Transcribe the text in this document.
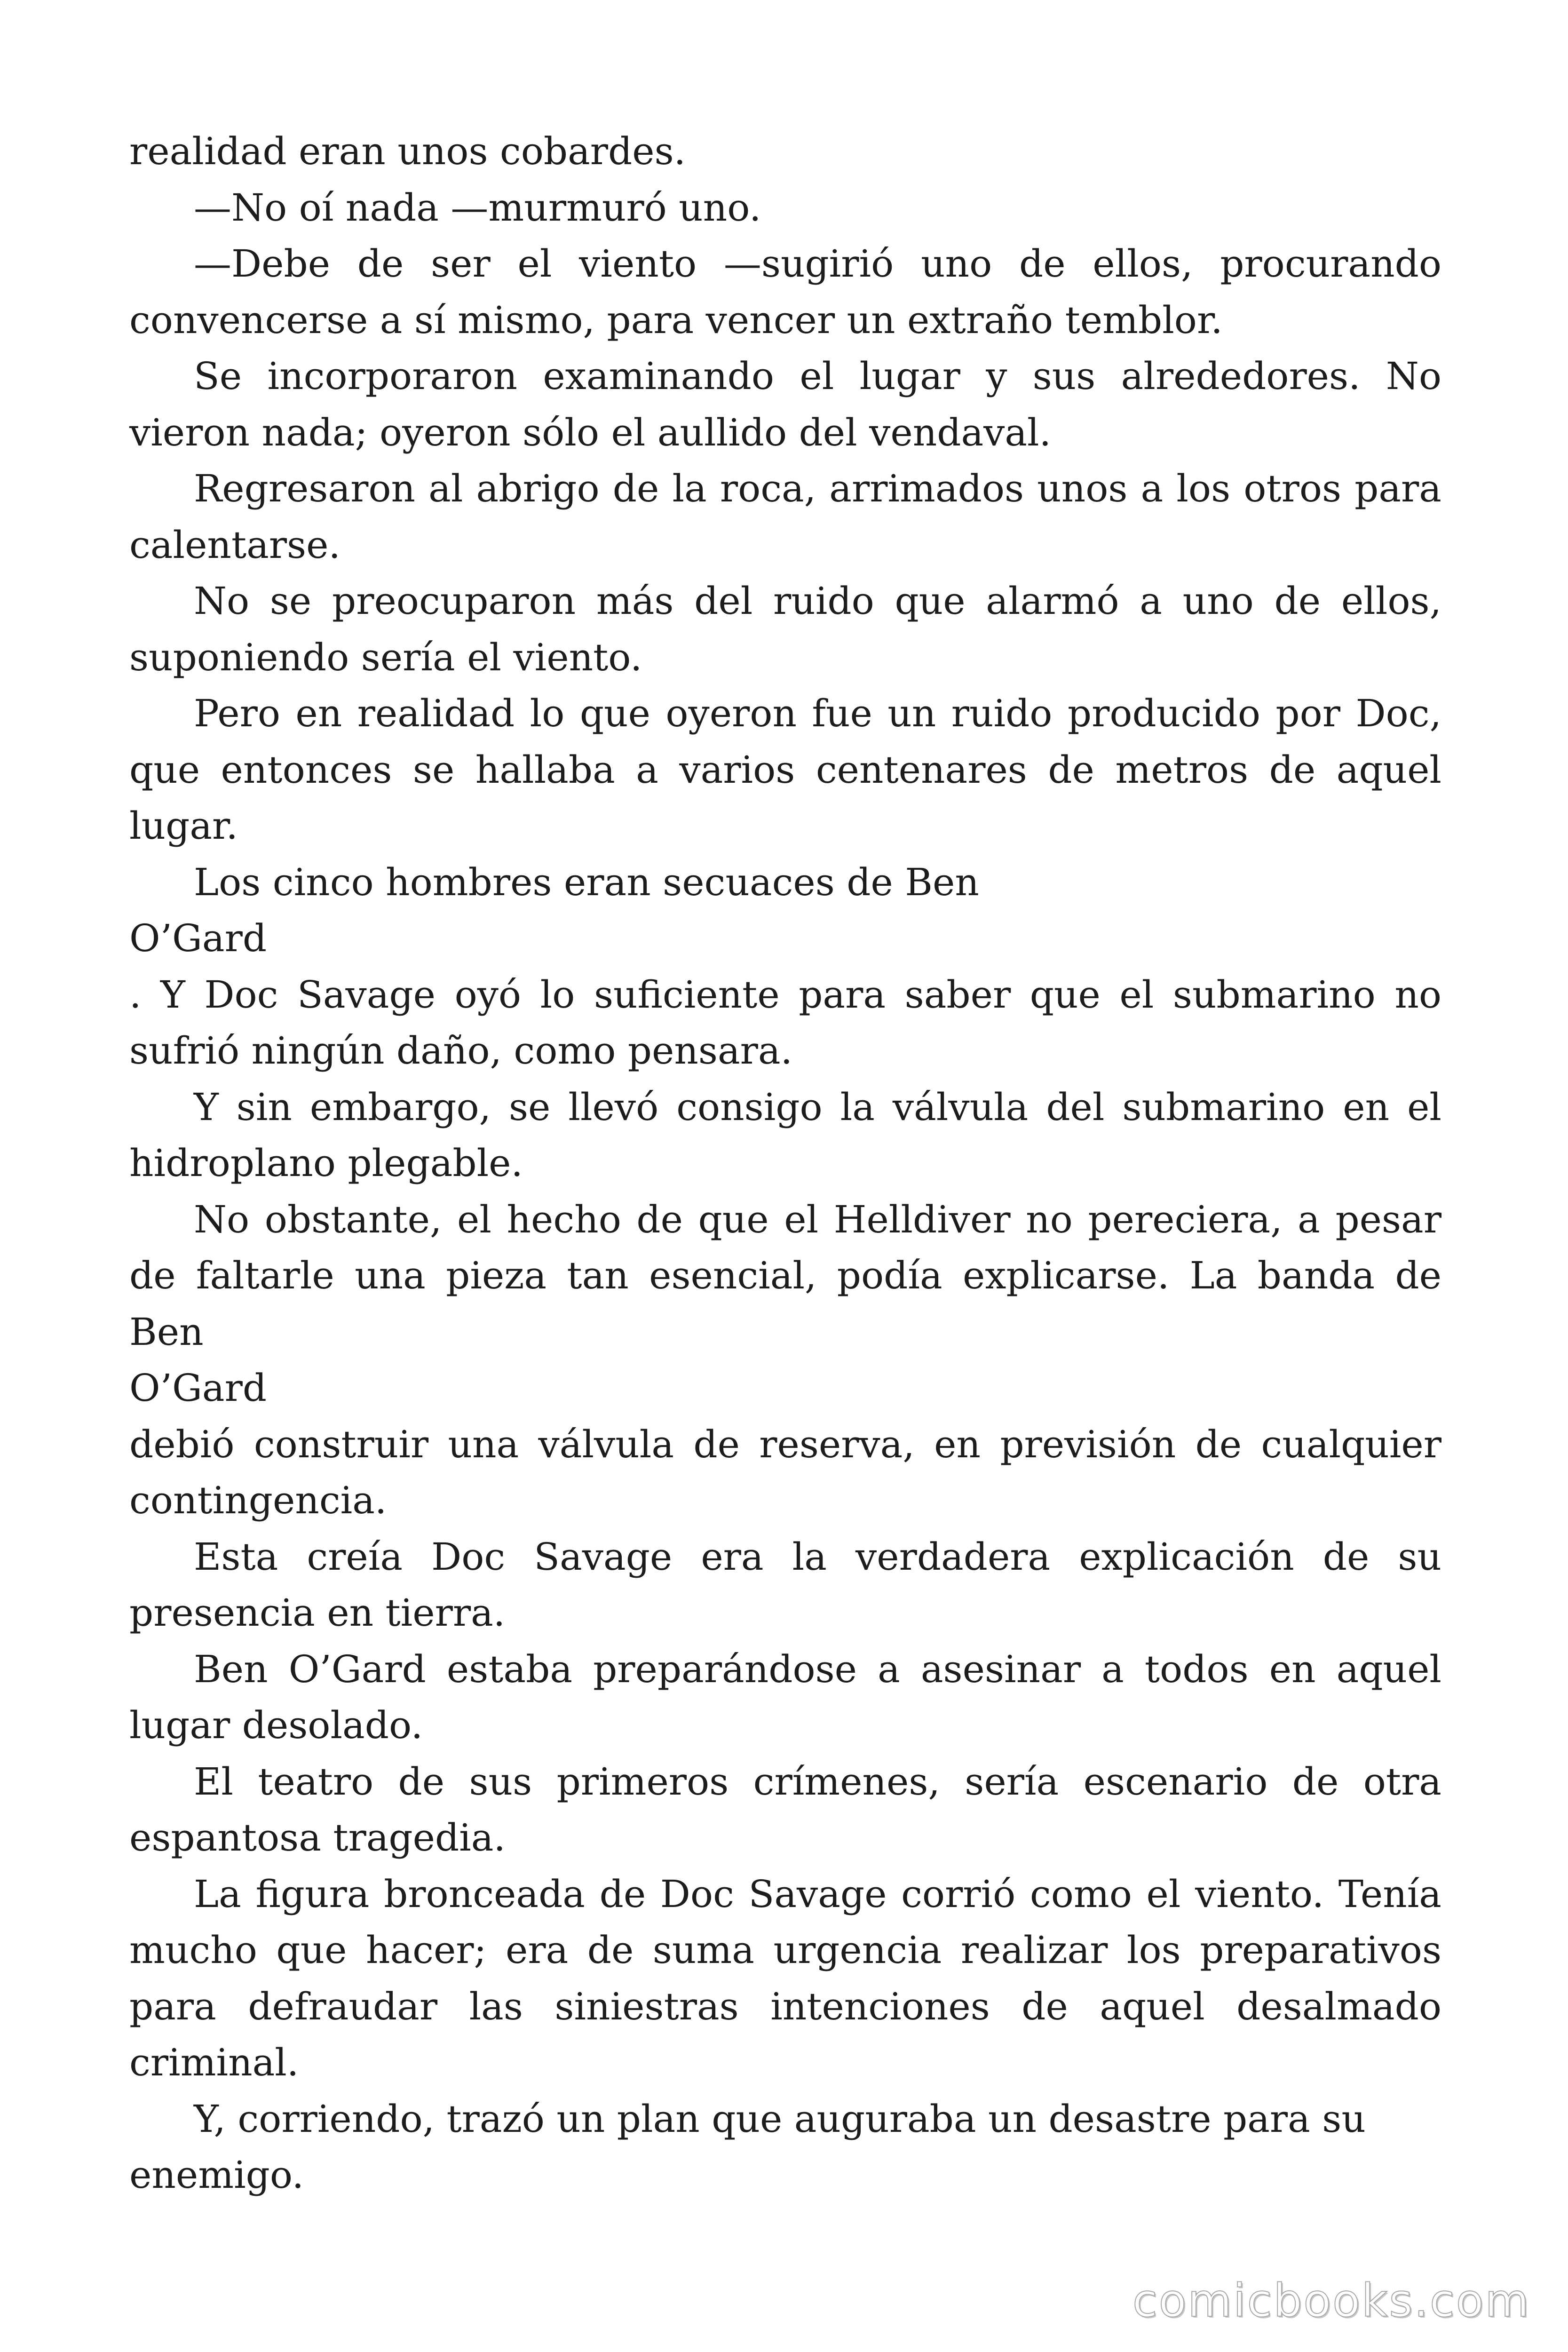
realidad eran unos cobardes.

—No oí nada —murmuró uno.

—Debe de ser el viento —sugirió uno de ellos, procurando convencerse a sí mismo, para vencer un extraño temblor.

Se incorporaron examinando el lugar y sus alrededores. No vieron nada; oyeron sólo el aullido del vendaval.

Regresaron al abrigo de la roca, arrimados unos a los otros para calentarse.

No se preocuparon más del ruido que alarmó a uno de ellos, suponiendo sería el viento.

Pero en realidad lo que oyeron fue un ruido producido por Doc, que entonces se hallaba a varios centenares de metros de aquel lugar.

Los cinco hombres eran secuaces de Ben

O’Gard

. Y Doc Savage oyó lo suficiente para saber que el submarino no sufrió ningún daño, como pensara.

Y sin embargo, se llevó consigo la válvula del submarino en el hidroplano plegable.

No obstante, el hecho de que el Helldiver no pereciera, a pesar de faltarle una pieza tan esencial, podía explicarse. La banda de Ben

O’Gard

debió construir una válvula de reserva, en previsión de cualquier contingencia.

Esta creía Doc Savage era la verdadera explicación de su presencia en tierra.

Ben O’Gard estaba preparándose a asesinar a todos en aquel lugar desolado.

El teatro de sus primeros crímenes, sería escenario de otra espantosa tragedia.

La figura bronceada de Doc Savage corrió como el viento. Tenía mucho que hacer; era de suma urgencia realizar los preparativos para defraudar las siniestras intenciones de aquel desalmado criminal.

Y, corriendo, trazó un plan que auguraba un desastre para su enemigo.

comicbooks.com
